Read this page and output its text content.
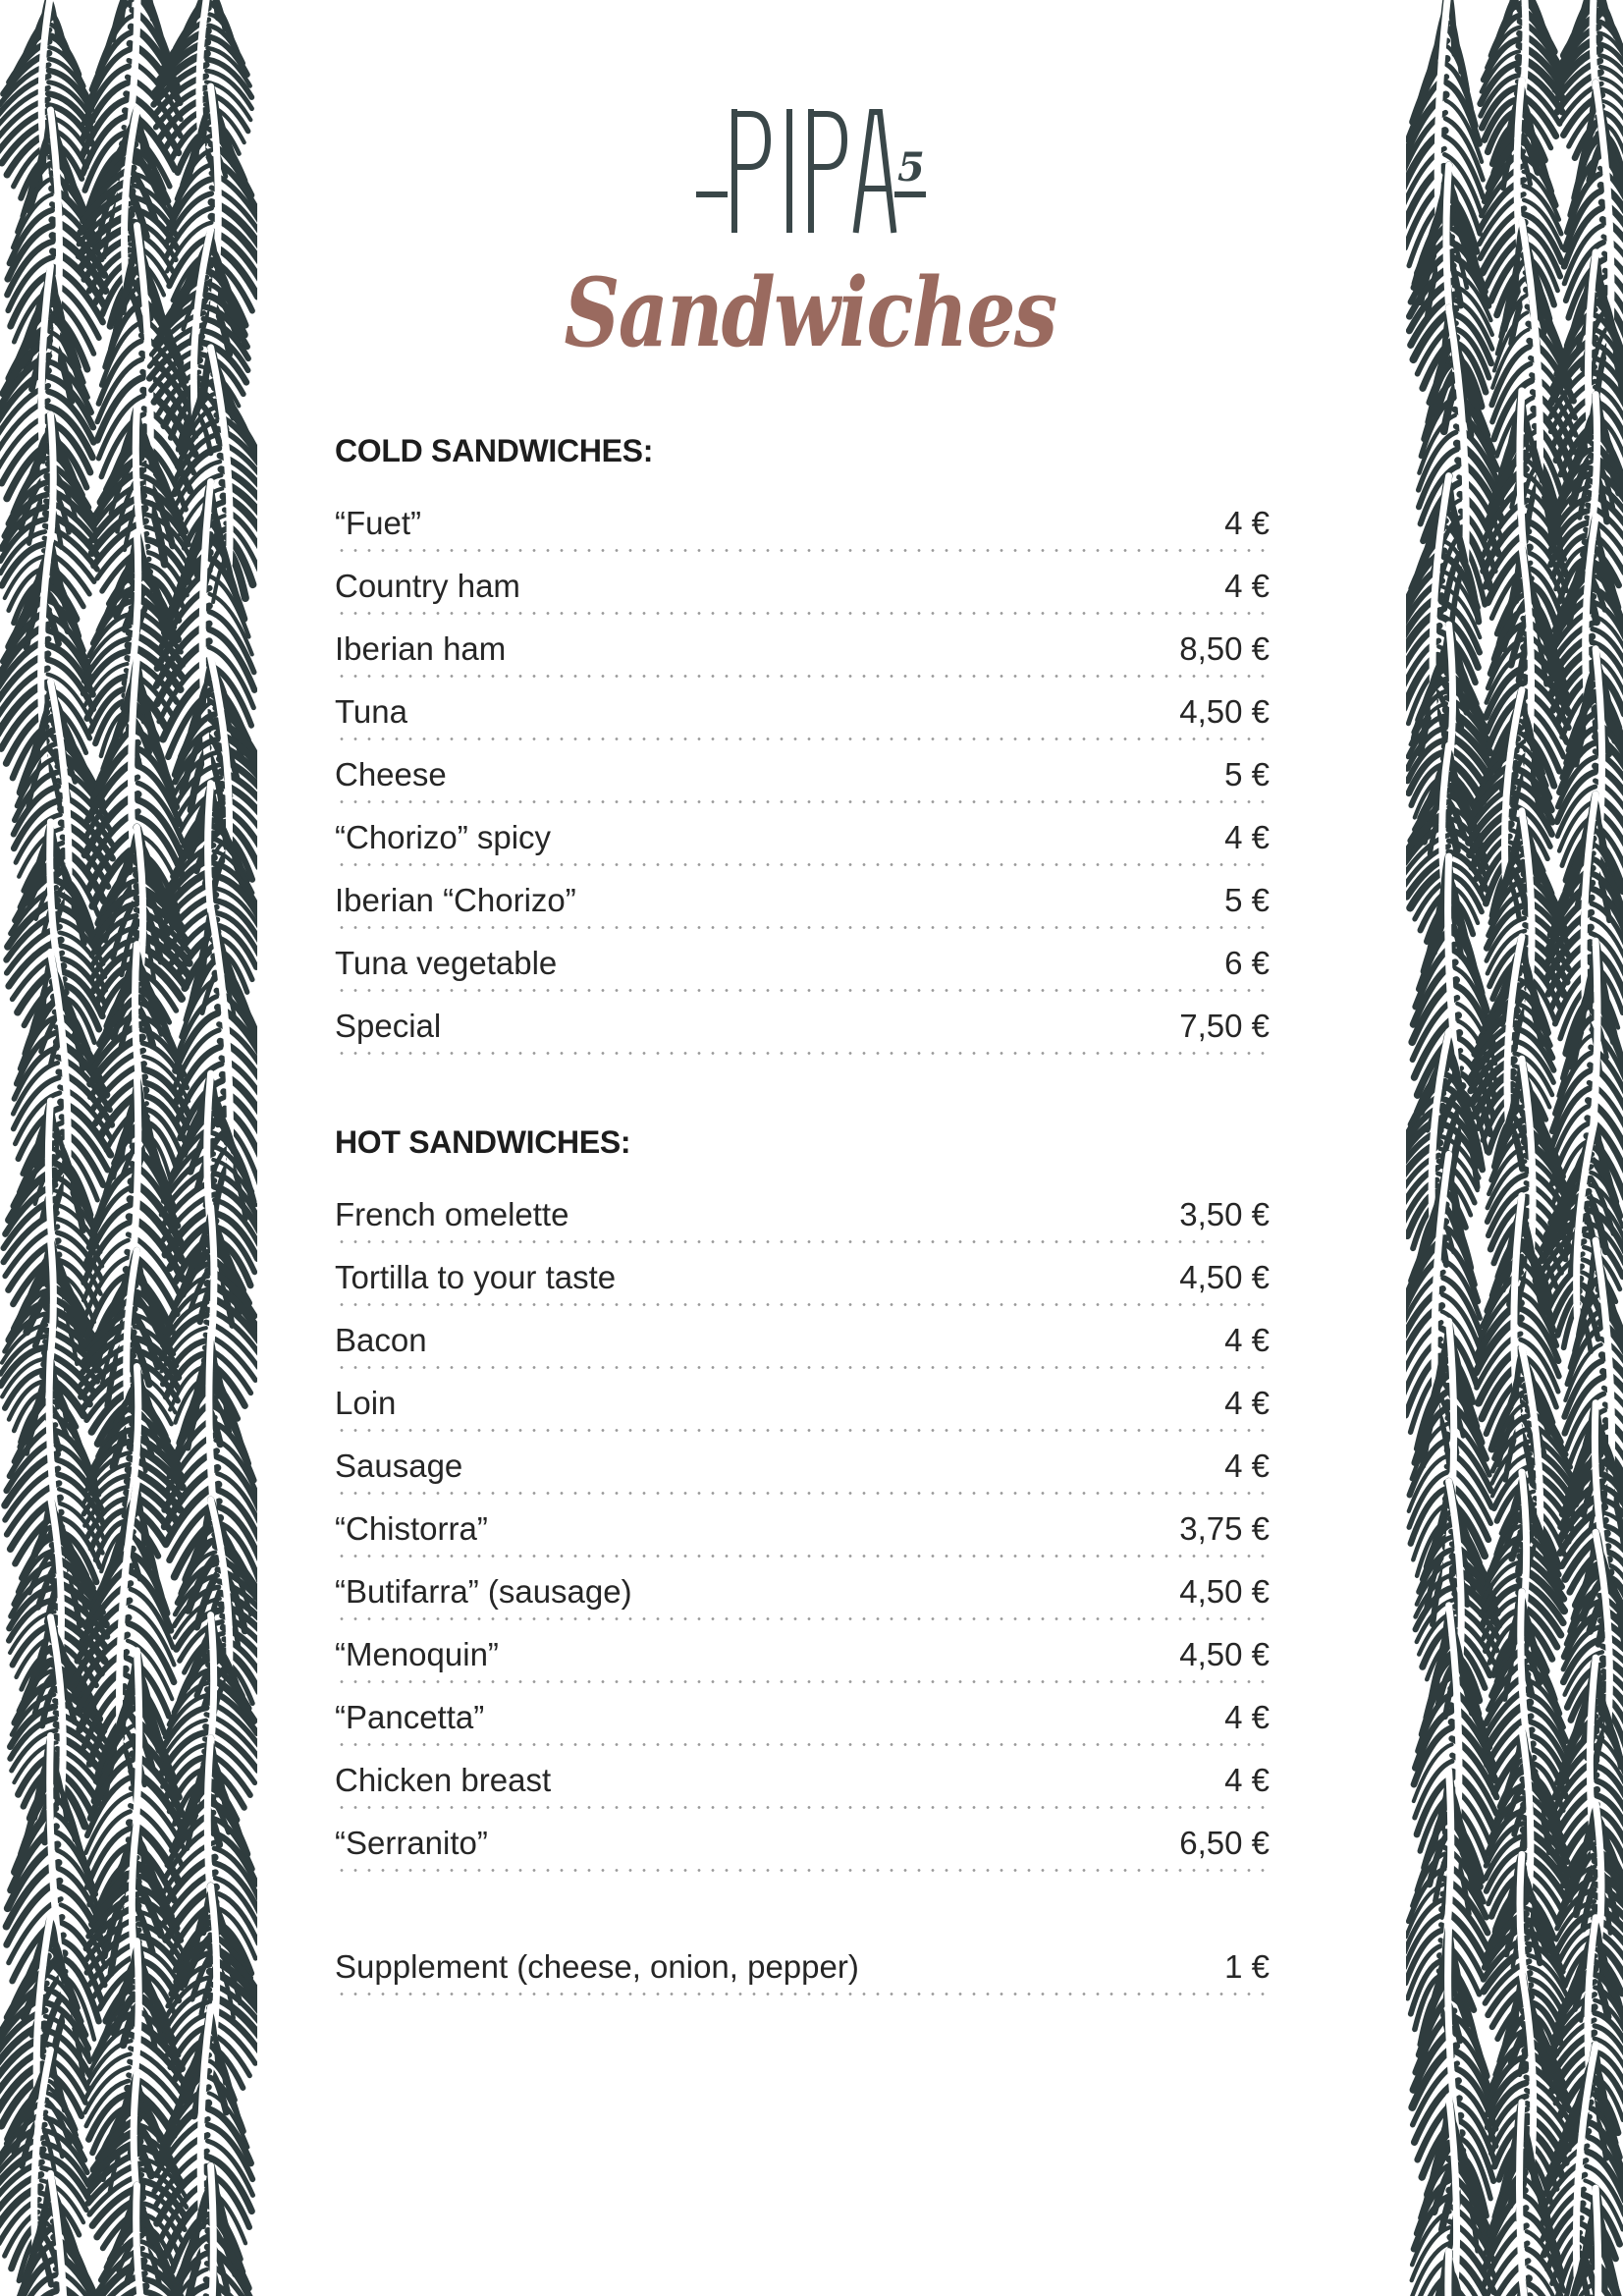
5
Sandwiches
COLD SANDWICHES:
“Fuet”	4 €
Country ham	4 €
Iberian ham	8,50 €
Tuna	4,50 €
Cheese	5 €
“Chorizo” spicy	4 €
Iberian “Chorizo”	5 €
Tuna vegetable	6 €
Special	7,50 €
HOT SANDWICHES:
French omelette	3,50 €
Tortilla to your taste	4,50 €
Bacon	4 €
Loin	4 €
Sausage	4 €
“Chistorra”	3,75 €
“Butifarra” (sausage)	4,50 €
“Menoquin”	4,50 €
“Pancetta”	4 €
Chicken breast	4 €
“Serranito”	6,50 €
Supplement (cheese, onion, pepper)	1 €
